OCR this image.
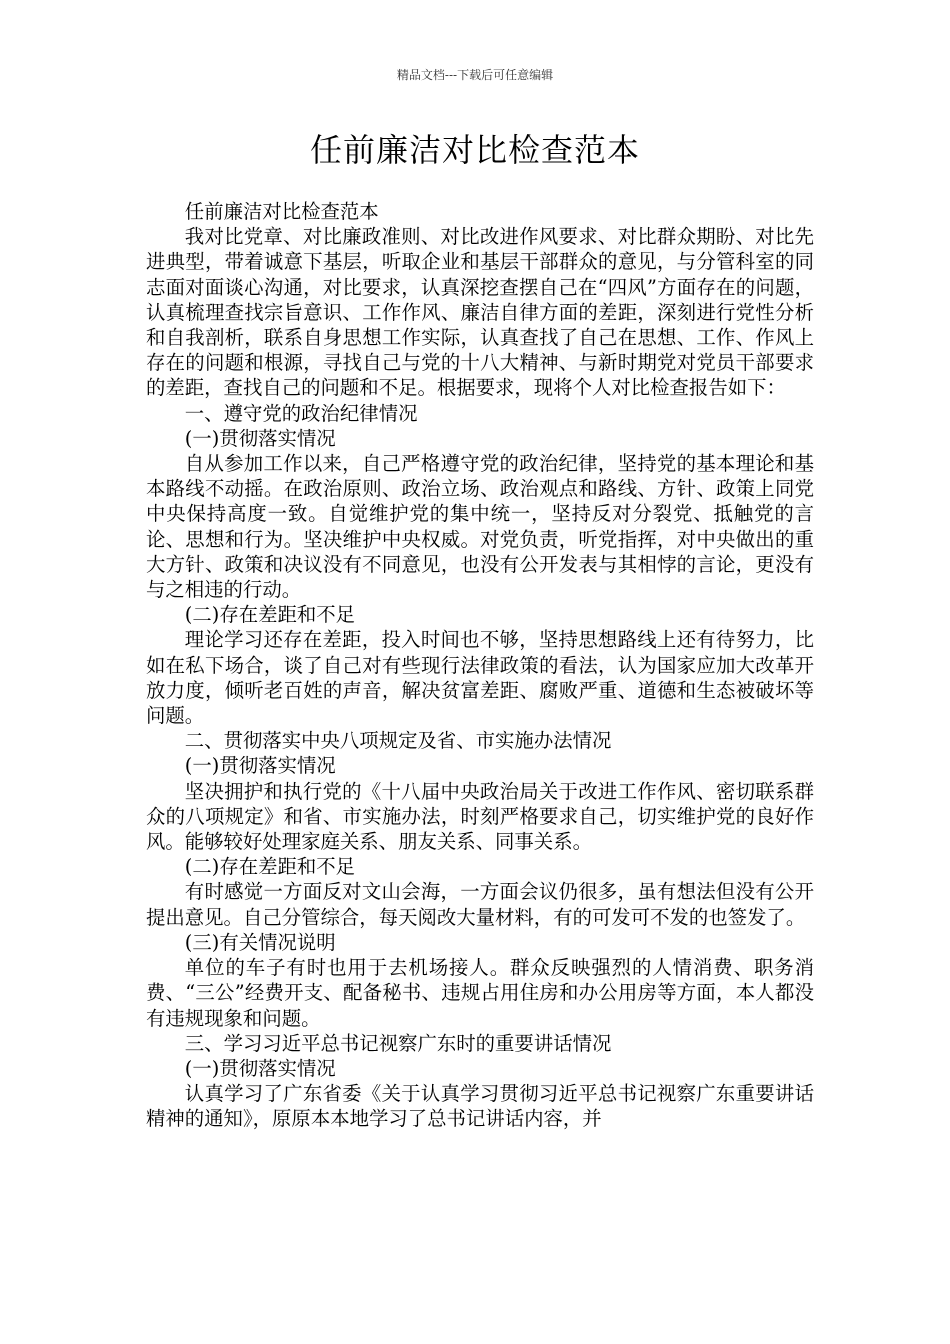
精品文档---下载后可任意编辑
任前廉洁对比检查范本

任前廉洁对比检查范本

我对比党章、对比廉政准则、对比改进作风要求、对比群众期盼、对比先进典型，带着诚意下基层，听取企业和基层干部群众的意见，与分管科室的同志面对面谈心沟通，对比要求，认真深挖查摆自己在“四风”方面存在的问题，认真梳理查找宗旨意识、工作作风、廉洁自律方面的差距，深刻进行党性分析和自我剖析，联系自身思想工作实际，认真查找了自己在思想、工作、作风上存在的问题和根源，寻找自己与党的十八大精神、与新时期党对党员干部要求的差距，查找自己的问题和不足。根据要求，现将个人对比检查报告如下：

一、遵守党的政治纪律情况

(一)贯彻落实情况

自从参加工作以来，自己严格遵守党的政治纪律，坚持党的基本理论和基本路线不动摇。在政治原则、政治立场、政治观点和路线、方针、政策上同党中央保持高度一致。自觉维护党的集中统一，坚持反对分裂党、抵触党的言论、思想和行为。坚决维护中央权威。对党负责，听党指挥，对中央做出的重大方针、政策和决议没有不同意见，也没有公开发表与其相悖的言论，更没有与之相违的行动。

(二)存在差距和不足

理论学习还存在差距，投入时间也不够，坚持思想路线上还有待努力，比如在私下场合，谈了自己对有些现行法律政策的看法，认为国家应加大改革开放力度，倾听老百姓的声音，解决贫富差距、腐败严重、道德和生态被破坏等问题。

二、贯彻落实中央八项规定及省、市实施办法情况

(一)贯彻落实情况

坚决拥护和执行党的《十八届中央政治局关于改进工作作风、密切联系群众的八项规定》和省、市实施办法，时刻严格要求自己，切实维护党的良好作风。能够较好处理家庭关系、朋友关系、同事关系。

(二)存在差距和不足

有时感觉一方面反对文山会海，一方面会议仍很多，虽有想法但没有公开提出意见。自己分管综合，每天阅改大量材料，有的可发可不发的也签发了。

(三)有关情况说明

单位的车子有时也用于去机场接人。群众反映强烈的人情消费、职务消费、“三公”经费开支、配备秘书、违规占用住房和办公用房等方面，本人都没有违规现象和问题。

三、学习习近平总书记视察广东时的重要讲话情况

(一)贯彻落实情况

认真学习了广东省委《关于认真学习贯彻习近平总书记视察广东重要讲话精神的通知》，原原本本地学习了总书记讲话内容，并
